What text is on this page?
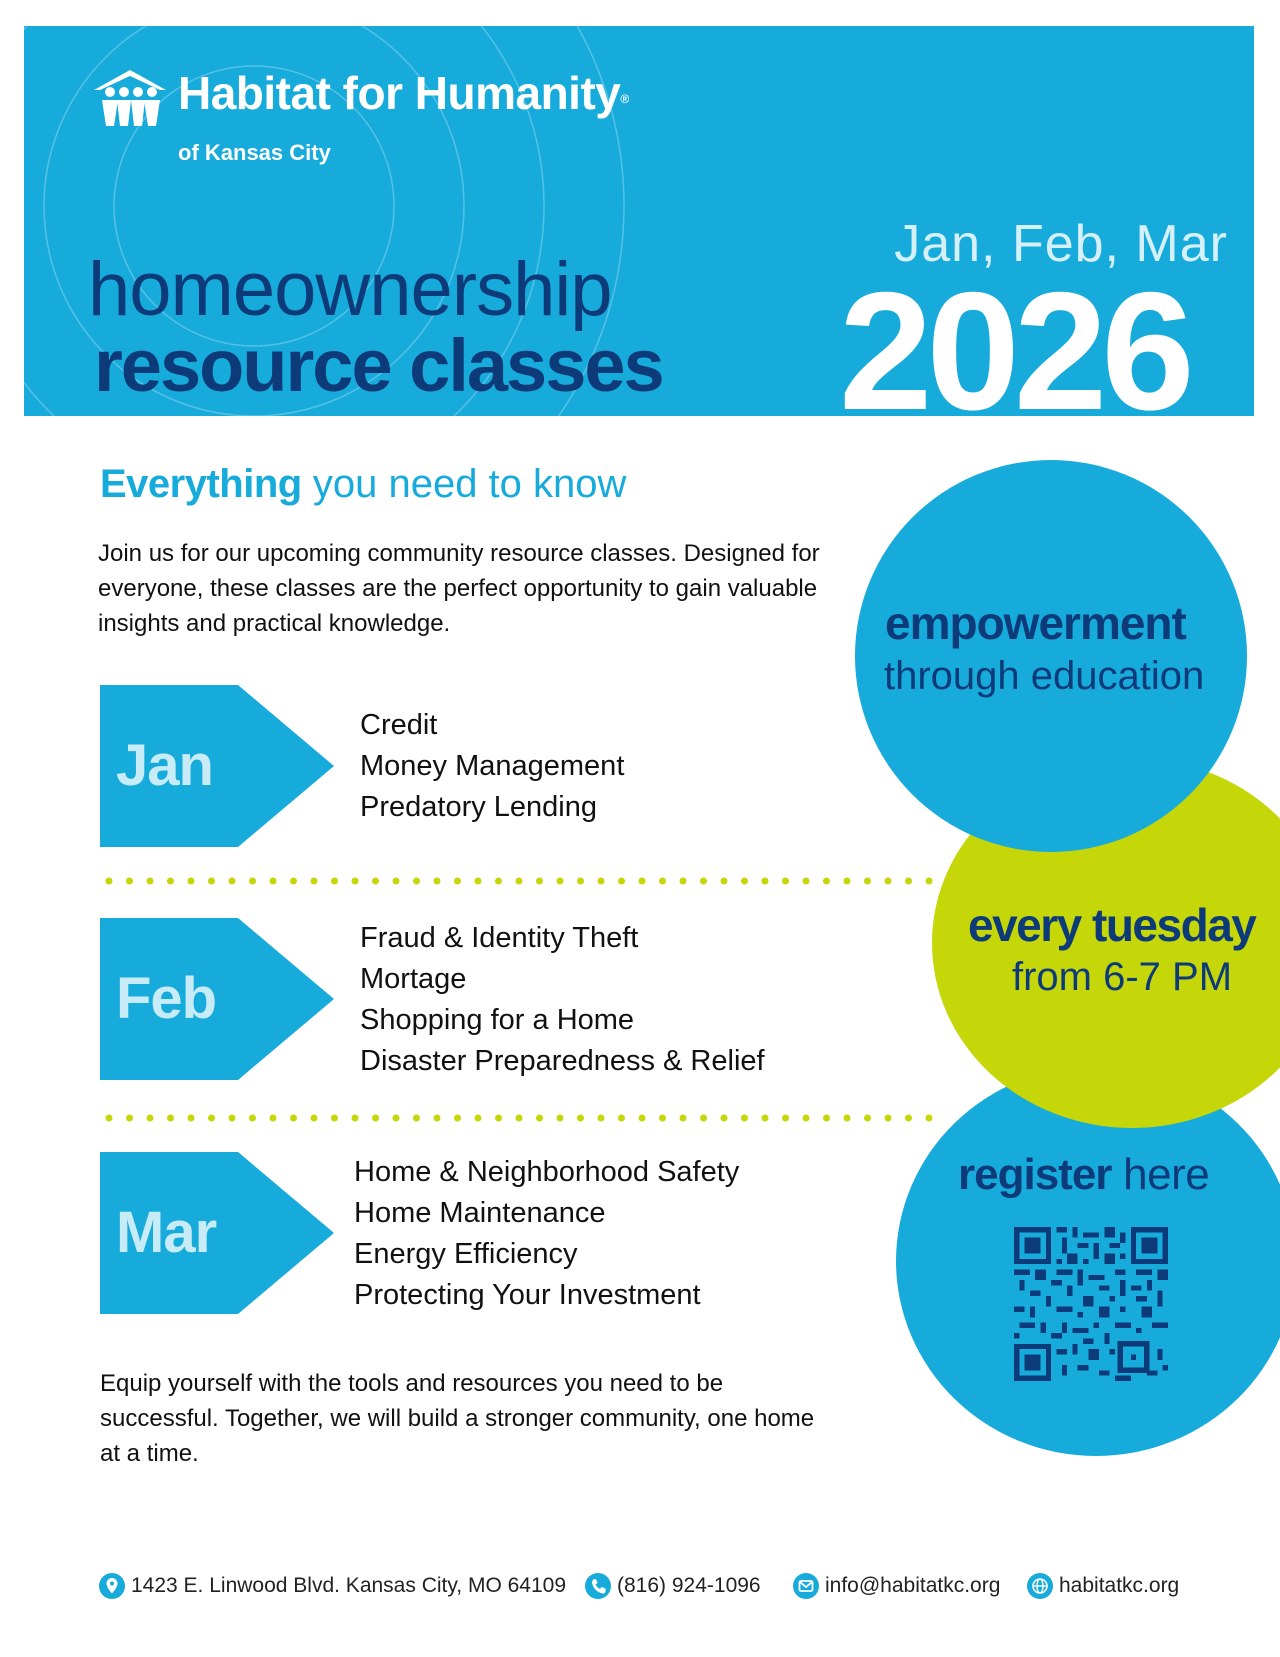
Habitat for Humanity®
of Kansas City
homeownership
resource classes
Jan, Feb, Mar
2026
Everything you need to know

Join us for our upcoming community resource classes. Designed for everyone, these classes are the perfect opportunity to gain valuable insights and practical knowledge.

Jan
Credit
Money Management
Predatory Lending
Feb
Fraud & Identity Theft
Mortage
Shopping for a Home
Disaster Preparedness & Relief
Mar
Home & Neighborhood Safety
Home Maintenance
Energy Efficiency
Protecting Your Investment
empowerment
through education
every tuesday
from 6-7 PM
register here

Equip yourself with the tools and resources you need to be successful. Together, we will build a stronger community, one home at a time.

1423 E. Linwood Blvd. Kansas City, MO 64109 (816) 924-1096	info@habitatkc.org	habitatkc.org
